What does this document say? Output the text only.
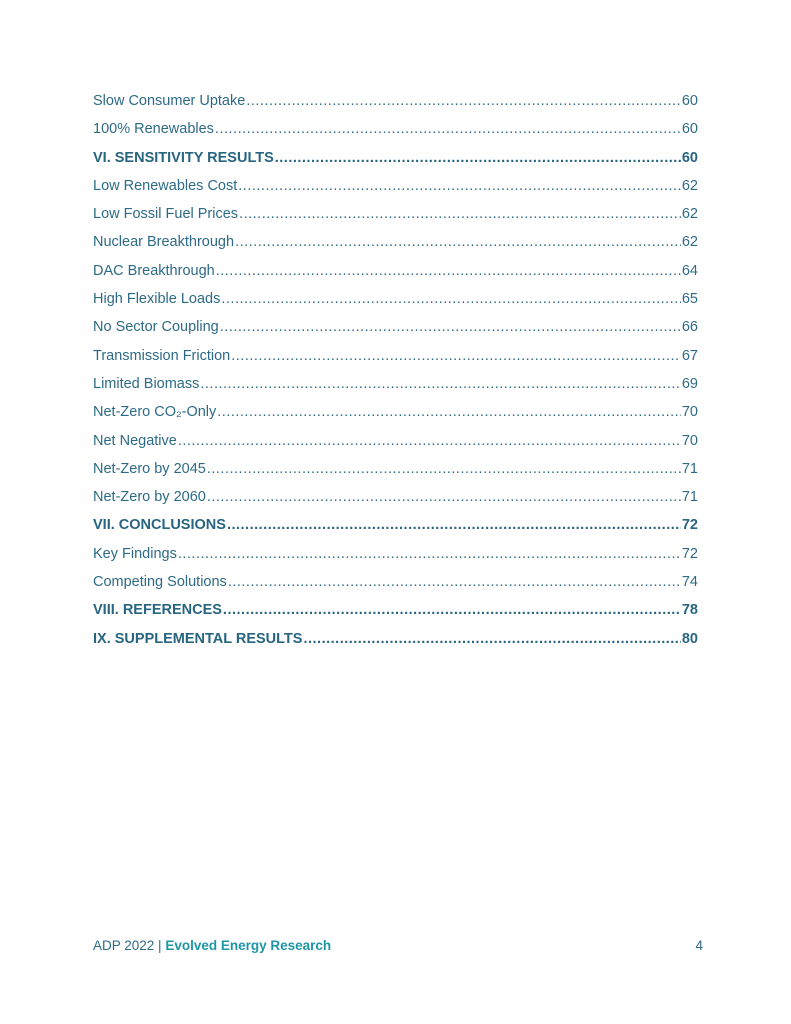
Slow Consumer Uptake .....	60
100% Renewables .....	60
VI. SENSITIVITY RESULTS .....	60
Low Renewables Cost .....	62
Low Fossil Fuel Prices .....	62
Nuclear Breakthrough .....	62
DAC Breakthrough .....	64
High Flexible Loads .....	65
No Sector Coupling .....	66
Transmission Friction .....	67
Limited Biomass .....	69
Net-Zero CO₂-Only .....	70
Net Negative .....	70
Net-Zero by 2045 .....	71
Net-Zero by 2060 .....	71
VII. CONCLUSIONS .....	72
Key Findings .....	72
Competing Solutions .....	74
VIII. REFERENCES .....	78
IX. SUPPLEMENTAL RESULTS .....	80
ADP 2022 | Evolved Energy Research	4
